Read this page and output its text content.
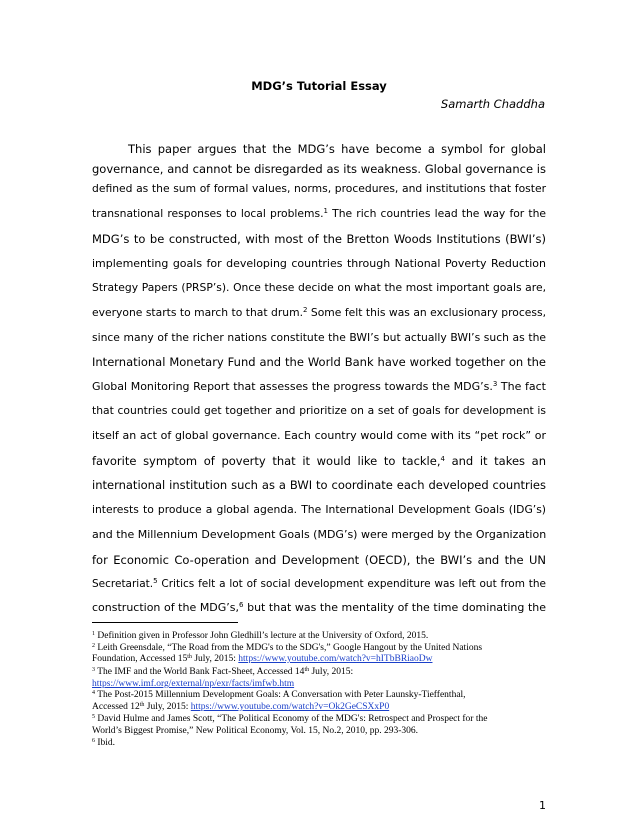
MDG’s Tutorial Essay
Samarth Chaddha
This paper argues that the MDG’s have become a symbol for global
governance, and cannot be disregarded as its weakness. Global governance is
defined as the sum of formal values, norms, procedures, and institutions that foster
transnational responses to local problems.$^1$ The rich countries lead the way for the
MDG’s to be constructed, with most of the Bretton Woods Institutions (BWI’s)
implementing goals for developing countries through National Poverty Reduction
Strategy Papers (PRSP’s). Once these decide on what the most important goals are,
everyone starts to march to that drum.$^2$ Some felt this was an exclusionary process,
since many of the richer nations constitute the BWI’s but actually BWI’s such as the
International Monetary Fund and the World Bank have worked together on the
Global Monitoring Report that assesses the progress towards the MDG’s.$^3$ The fact
that countries could get together and prioritize on a set of goals for development is
itself an act of global governance. Each country would come with its “pet rock” or
favorite symptom of poverty that it would like to tackle,$^4$ and it takes an
international institution such as a BWI to coordinate each developed countries
interests to produce a global agenda. The International Development Goals (IDG’s)
and the Millennium Development Goals (MDG’s) were merged by the Organization
for Economic Co-operation and Development (OECD), the BWI’s and the UN
Secretariat.$^5$ Critics felt a lot of social development expenditure was left out from the
construction of the MDG’s,$^6$ but that was the mentality of the time dominating the
$^1$ Definition given in Professor John Gledhill’s lecture at the University of Oxford, 2015.
$^2$ Leith Greensdale, “The Road from the MDG's to the SDG's,” Google Hangout by the United Nations
Foundation, Accessed 15th July, 2015: https://www.youtube.com/watch?v=hITbBRiaoDw
$^3$ The IMF and the World Bank Fact-Sheet, Accessed 14th July, 2015:
https://www.imf.org/external/np/exr/facts/imfwb.htm
$^4$ The Post-2015 Millennium Development Goals: A Conversation with Peter Launsky-Tieffenthal,
Accessed 12th July, 2015: https://www.youtube.com/watch?v=Ok2GeCSXxP0
$^5$ David Hulme and James Scott, “The Political Economy of the MDG's: Retrospect and Prospect for the
World’s Biggest Promise,” New Political Economy, Vol. 15, No.2, 2010, pp. 293-306.
$^6$ Ibid.
1
